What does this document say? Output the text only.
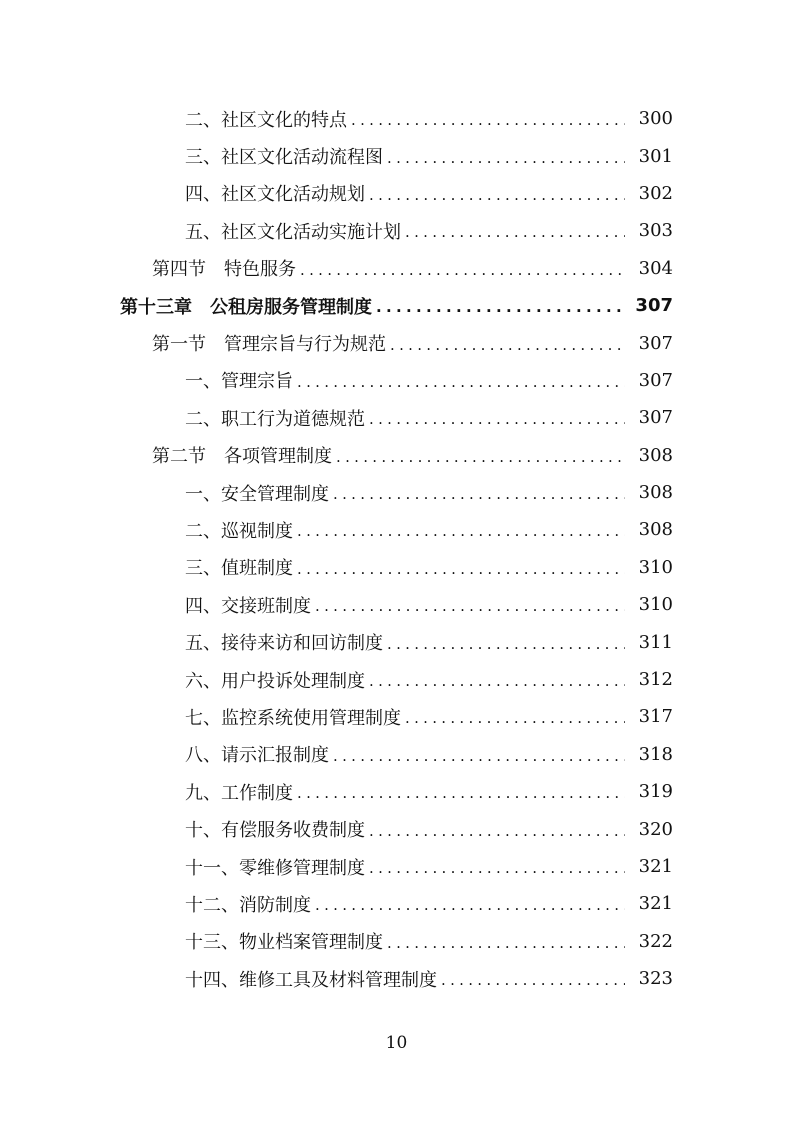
二、社区文化的特点 .....	300
三、社区文化活动流程图 .....	301
四、社区文化活动规划 .....	302
五、社区文化活动实施计划 .....	303
第四节　特色服务 .....	304
第十三章　公租房服务管理制度 .....	307
第一节　管理宗旨与行为规范 .....	307
一、管理宗旨 .....	307
二、职工行为道德规范 .....	307
第二节　各项管理制度 .....	308
一、安全管理制度 .....	308
二、巡视制度 .....	308
三、值班制度 .....	310
四、交接班制度 .....	310
五、接待来访和回访制度 .....	311
六、用户投诉处理制度 .....	312
七、监控系统使用管理制度 .....	317
八、请示汇报制度 .....	318
九、工作制度 .....	319
十、有偿服务收费制度 .....	320
十一、零维修管理制度 .....	321
十二、消防制度 .....	321
十三、物业档案管理制度 .....	322
十四、维修工具及材料管理制度 .....	323
10
